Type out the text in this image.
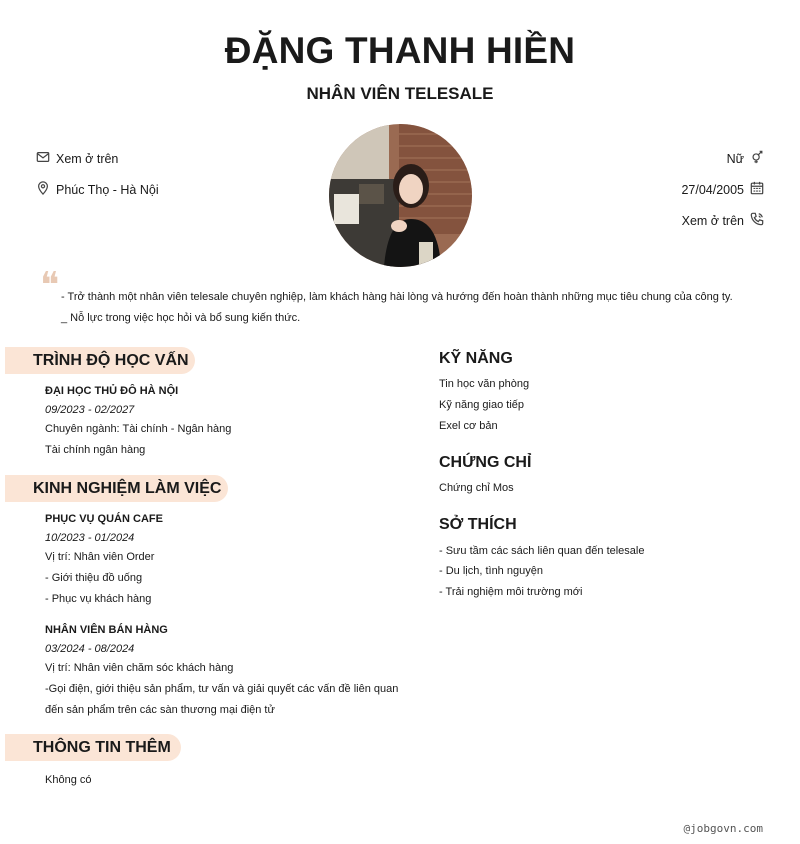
ĐẶNG THANH HIỀN
NHÂN VIÊN TELESALE
Xem ở trên
Phúc Thọ - Hà Nội
Nữ
27/04/2005
Xem ở trên
❝ - Trở thành một nhân viên telesale chuyên nghiệp, làm khách hàng hài lòng và hướng đến hoàn thành những mục tiêu chung của công ty.
_ Nỗ lực trong việc học hỏi và bổ sung kiến thức.
TRÌNH ĐỘ HỌC VẤN
ĐẠI HỌC THỦ ĐÔ HÀ NỘI
09/2023 - 02/2027
Chuyên ngành: Tài chính - Ngân hàng
Tài chính ngân hàng
KINH NGHIỆM LÀM VIỆC
PHỤC VỤ QUÁN CAFE
10/2023 - 01/2024
Vị trí: Nhân viên Order
- Giới thiệu đồ uống
- Phục vụ khách hàng
NHÂN VIÊN BÁN HÀNG
03/2024 - 08/2024
Vị trí: Nhân viên chăm sóc khách hàng
-Gọi điện, giới thiệu sản phẩm, tư vấn và giải quyết các vấn đề liên quan
đến sản phẩm trên các sàn thương mại điện tử
THÔNG TIN THÊM
Không có
KỸ NĂNG
Tin học văn phòng
Kỹ năng giao tiếp
Exel cơ bản
CHỨNG CHỈ
Chứng chỉ Mos
SỞ THÍCH
- Sưu tầm các sách liên quan đến telesale
- Du lịch, tình nguyện
- Trải nghiệm môi trường mới
@jobgovn.com
